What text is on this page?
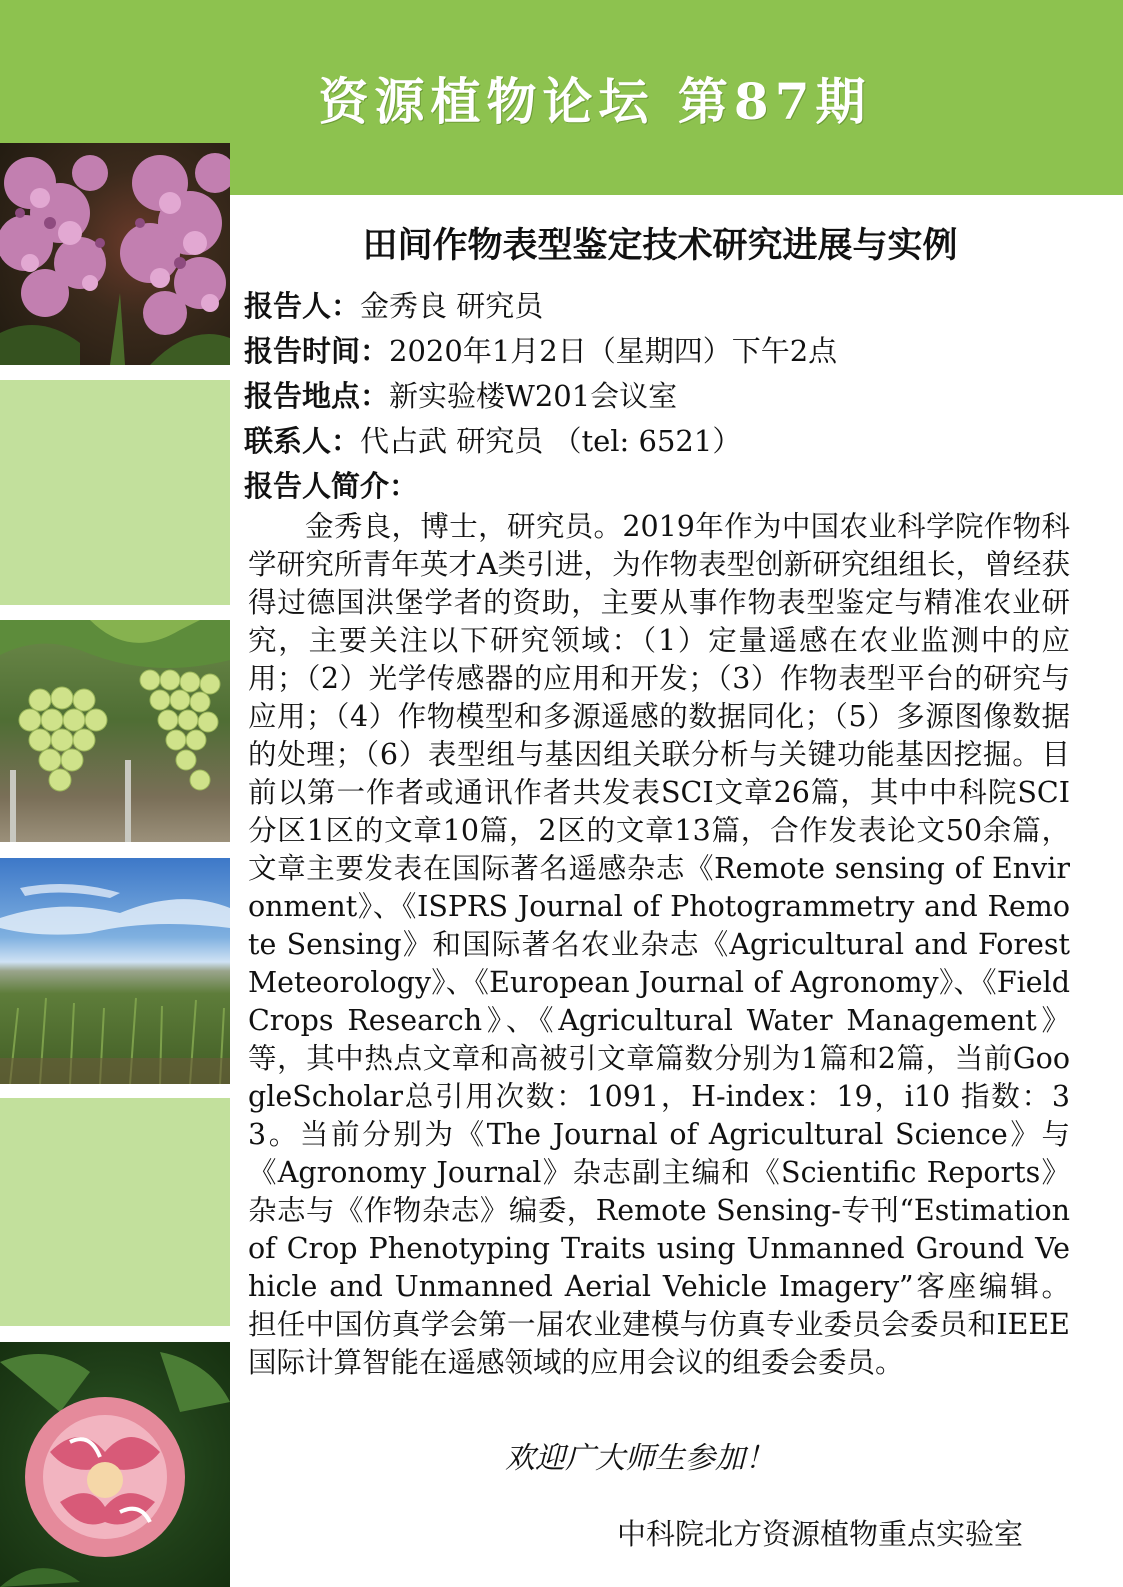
资源植物论坛 第87期
田间作物表型鉴定技术研究进展与实例
报告人：金秀良 研究员
报告时间：2020年1月2日（星期四）下午2点
报告地点：新实验楼W201会议室
联系人：代占武 研究员 （tel: 6521）
报告人简介：
金秀良，博士，研究员。2019年作为中国农业科学院作物科学研究所青年英才A类引进，为作物表型创新研究组组长，曾经获得过德国洪堡学者的资助，主要从事作物表型鉴定与精准农业研究，主要关注以下研究领域：（1）定量遥感在农业监测中的应用；（2）光学传感器的应用和开发；（3）作物表型平台的研究与应用；（4）作物模型和多源遥感的数据同化；（5）多源图像数据的处理；（6）表型组与基因组关联分析与关键功能基因挖掘。目前以第一作者或通讯作者共发表SCI文章26篇，其中中科院SCI分区1区的文章10篇，2区的文章13篇，合作发表论文50余篇，文章主要发表在国际著名遥感杂志《Remote sensing of Environment》、《ISPRS Journal of Photogrammetry and Remote Sensing》和国际著名农业杂志《Agricultural and Forest Meteorology》、《European Journal of Agronomy》、《Field Crops Research》、《Agricultural Water Management》等，其中热点文章和高被引文章篇数分别为1篇和2篇，当前GoogleScholar总引用次数：1091，H-index：19，i10 指数：33。当前分别为《The Journal of Agricultural Science》与《Agronomy Journal》杂志副主编和《Scientific Reports》杂志与《作物杂志》编委，Remote Sensing-专刊“Estimation of Crop Phenotyping Traits using Unmanned Ground Vehicle and Unmanned Aerial Vehicle Imagery”客座编辑。担任中国仿真学会第一届农业建模与仿真专业委员会委员和IEEE国际计算智能在遥感领域的应用会议的组委会委员。
欢迎广大师生参加！
中科院北方资源植物重点实验室
